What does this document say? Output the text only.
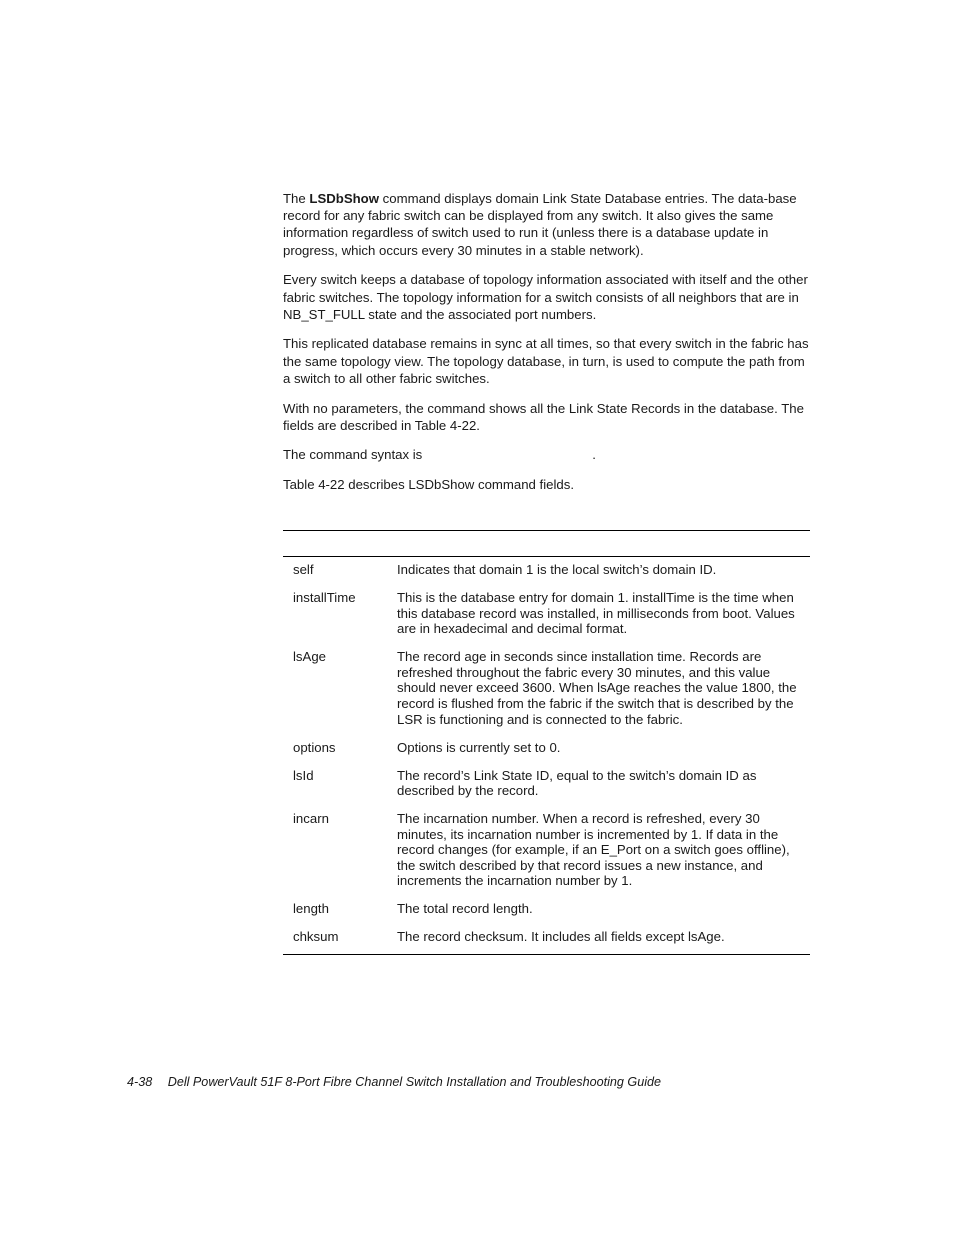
The LSDbShow command displays domain Link State Database entries. The data-base record for any fabric switch can be displayed from any switch. It also gives the same information regardless of switch used to run it (unless there is a database update in progress, which occurs every 30 minutes in a stable network).

Every switch keeps a database of topology information associated with itself and the other fabric switches. The topology information for a switch consists of all neighbors that are in NB_ST_FULL state and the associated port numbers.

This replicated database remains in sync at all times, so that every switch in the fabric has the same topology view. The topology database, in turn, is used to compute the path from a switch to all other fabric switches.

With no parameters, the command shows all the Link State Records in the database. The fields are described in Table 4-22.

The command syntax is	.

Table 4-22 describes LSDbShow command fields.

self	Indicates that domain 1 is the local switch’s domain ID.
installTime	This is the database entry for domain 1. installTime is the time when this database record was installed, in milliseconds from boot. Values are in hexadecimal and decimal format.
lsAge	The record age in seconds since installation time. Records are refreshed throughout the fabric every 30 minutes, and this value should never exceed 3600. When lsAge reaches the value 1800, the record is flushed from the fabric if the switch that is described by the LSR is functioning and is connected to the fabric.
options	Options is currently set to 0.
lsId	The record’s Link State ID, equal to the switch’s domain ID as described by the record.
incarn	The incarnation number. When a record is refreshed, every 30 minutes, its incarnation number is incremented by 1. If data in the record changes (for example, if an E_Port on a switch goes offline), the switch described by that record issues a new instance, and increments the incarnation number by 1.
length	The total record length.
chksum	The record checksum. It includes all fields except lsAge.
4-38 Dell PowerVault 51F 8-Port Fibre Channel Switch Installation and Troubleshooting Guide
